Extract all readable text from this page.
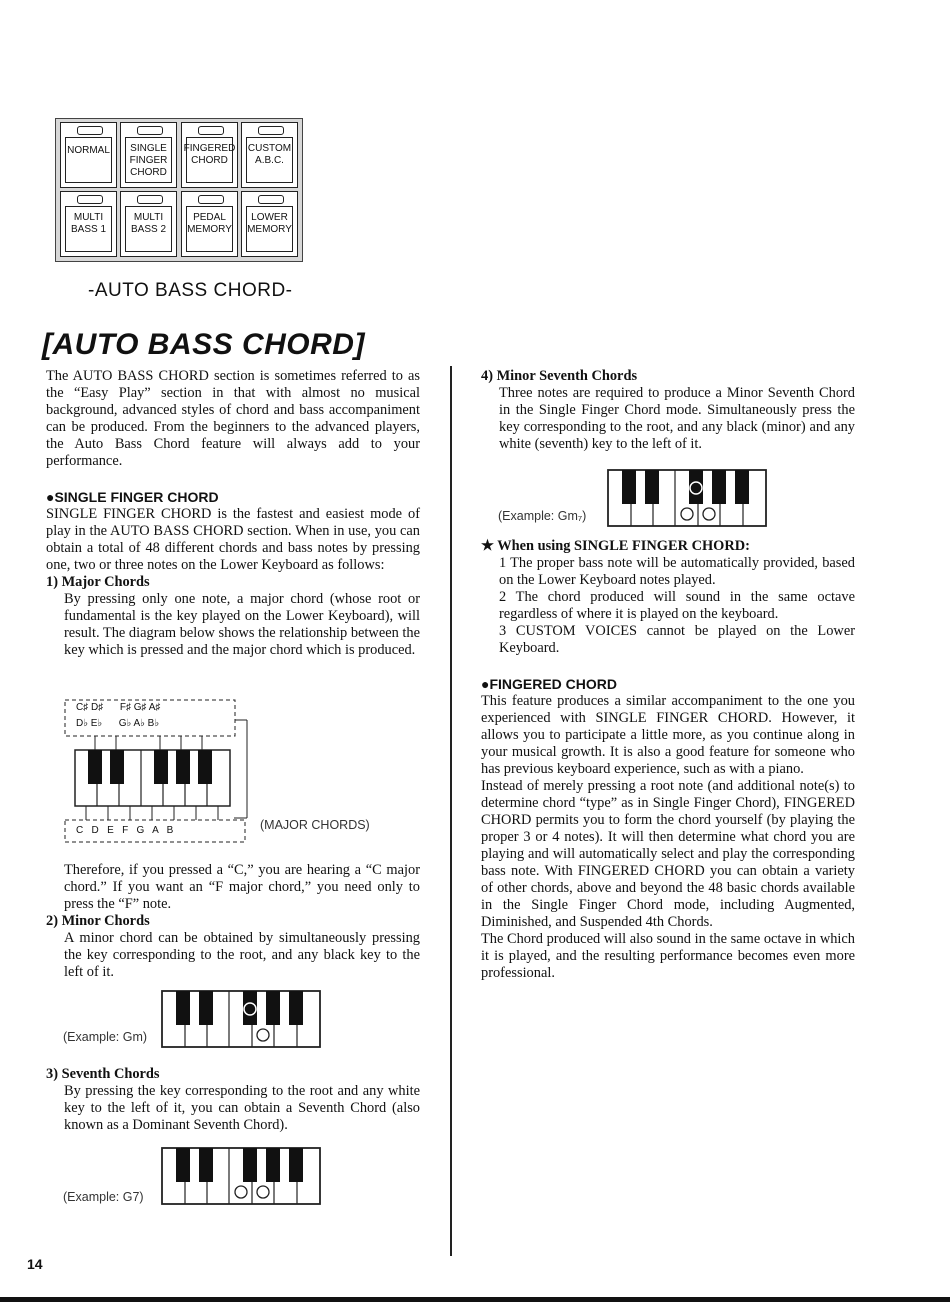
NORMAL	SINGLE
FINGER
CHORD
FINGERED
CHORD
CUSTOM
A.B.C.
MULTI
BASS 1
MULTI
BASS 2
PEDAL
MEMORY
LOWER
MEMORY
-AUTO BASS CHORD-
[AUTO BASS CHORD]

The AUTO BASS CHORD section is sometimes referred to as the “Easy Play” section in that with almost no musical background, advanced styles of chord and bass accompaniment can be produced. From the beginners to the advanced players, the Auto Bass Chord feature will always add to your performance.

●SINGLE FINGER CHORD

SINGLE FINGER CHORD is the fastest and easiest mode of play in the AUTO BASS CHORD section. When in use, you can obtain a total of 48 different chords and bass notes by pressing one, two or three notes on the Lower Keyboard as follows:

1) Major Chords

By pressing only one note, a major chord (whose root or fundamental is the key played on the Lower Keyboard), will result. The diagram below shows the relationship between the key which is pressed and the major chord which is produced.

C♯ D♯      F♯ G♯ A♯
D♭ E♭      G♭ A♭ B♭
C   D   E   F   G   A   B	(MAJOR CHORDS)

Therefore, if you pressed a “C,” you are hearing a “C major chord.” If you want an “F major chord,” you need only to press the “F” note.

2) Minor Chords

A minor chord can be obtained by simultaneously pressing the key corresponding to the root, and any black key to the left of it.

(Example: Gm)
3) Seventh Chords

By pressing the key corresponding to the root and any white key to the left of it, you can obtain a Seventh Chord (also known as a Dominant Seventh Chord).

(Example: G7)
4) Minor Seventh Chords

Three notes are required to produce a Minor Seventh Chord in the Single Finger Chord mode. Simultaneously press the key corresponding to the root, and any black (minor) and any white (seventh) key to the left of it.

(Example: Gm₇)
★ When using SINGLE FINGER CHORD:

1 The proper bass note will be automatically provided, based on the Lower Keyboard notes played.

2 The chord produced will sound in the same octave regardless of where it is played on the keyboard.

3 CUSTOM VOICES cannot be played on the Lower Keyboard.

●FINGERED CHORD

This feature produces a similar accompaniment to the one you experienced with SINGLE FINGER CHORD. However, it allows you to participate a little more, as you continue along in your musical growth. It is also a good feature for someone who has previous keyboard experience, such as with a piano.

Instead of merely pressing a root note (and additional note(s) to determine chord “type” as in Single Finger Chord), FINGERED CHORD permits you to form the chord yourself (by playing the proper 3 or 4 notes). It will then determine what chord you are playing and will automatically select and play the corresponding bass note. With FINGERED CHORD you can obtain a variety of other chords, above and beyond the 48 basic chords available in the Single Finger Chord mode, including Augmented, Diminished, and Suspended 4th Chords.

The Chord produced will also sound in the same octave in which it is played, and the resulting performance becomes even more professional.

14
